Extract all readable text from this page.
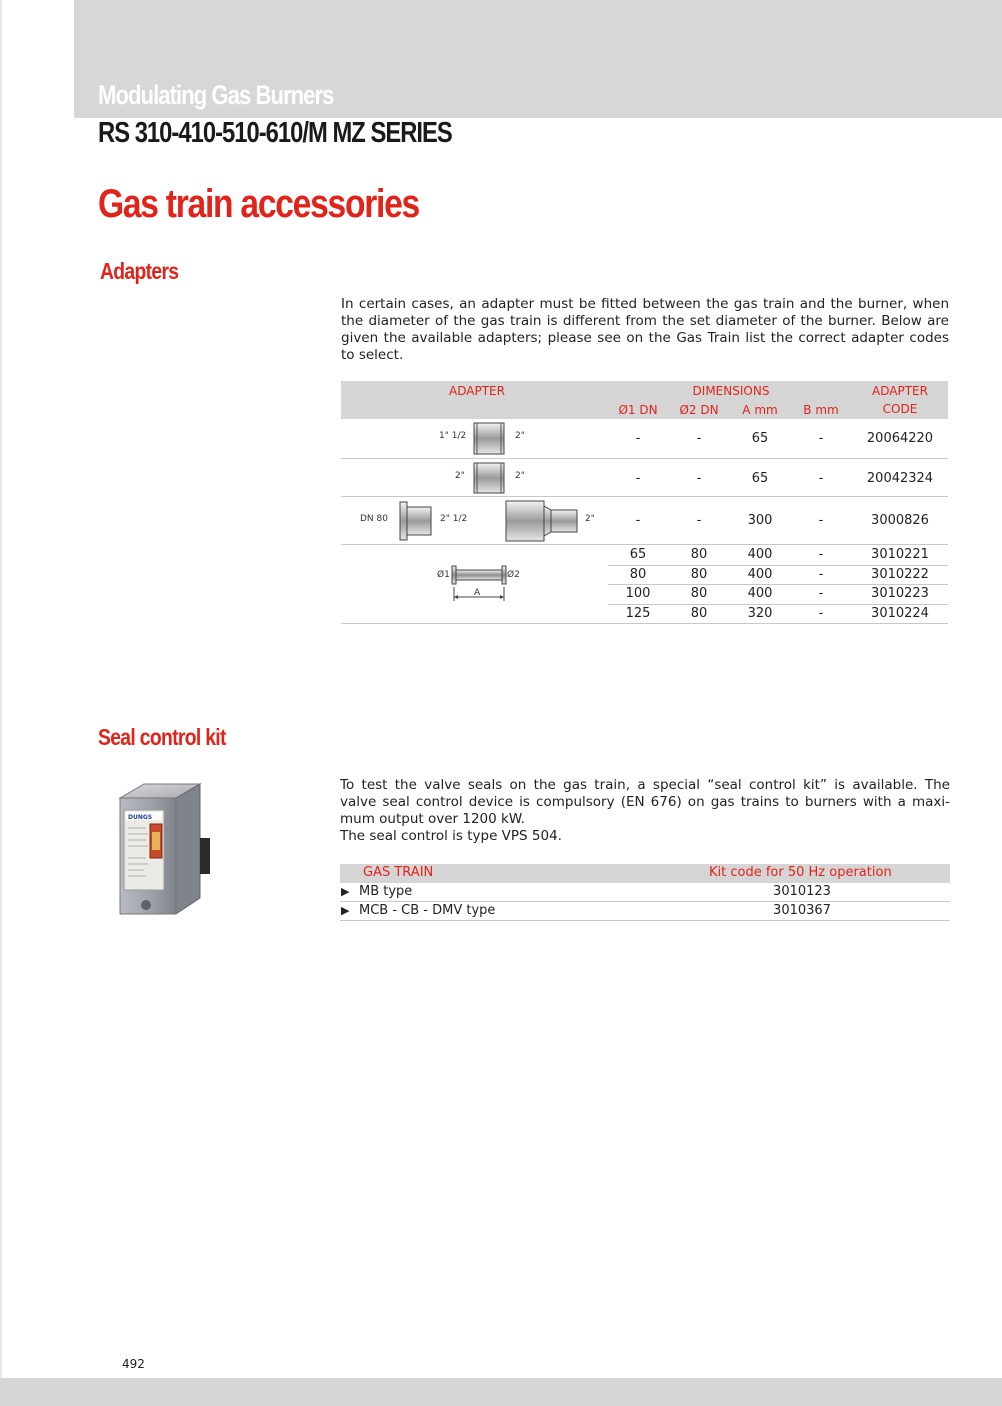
Modulating Gas Burners
RS 310-410-510-610/M MZ SERIES
Gas train accessories
Adapters
In certain cases, an adapter must be fitted between the gas train and the burner, when the diameter of the gas train is different from the set diameter of the burner. Below are given the available adapters; please see on the Gas Train list the correct adapter codes to select.
ADAPTER	DIMENSIONS
Ø1 DN	Ø2 DN	A mm	B mm
ADAPTER
CODE
1" 1/2	2"	-	-	65	-	20064220
2"	2"	-	-	65	-	20042324
DN 80	2" 1/2	2"	-	-	300	-	3000826
Ø1	Ø2
A
65	80	400	-	3010221
80	80	400	-	3010222
100	80	400	-	3010223
125	80	320	-	3010224
Seal control kit
DUNGS
To test the valve seals on the gas train, a special “seal control kit” is available. The
valve seal control device is compulsory (EN 676) on gas trains to burners with a maxi-
mum output over 1200 kW.
The seal control is type VPS 504.
GAS TRAIN	Kit code for 50 Hz operation
▶ MB type	3010123
▶ MCB - CB - DMV type	3010367
492
